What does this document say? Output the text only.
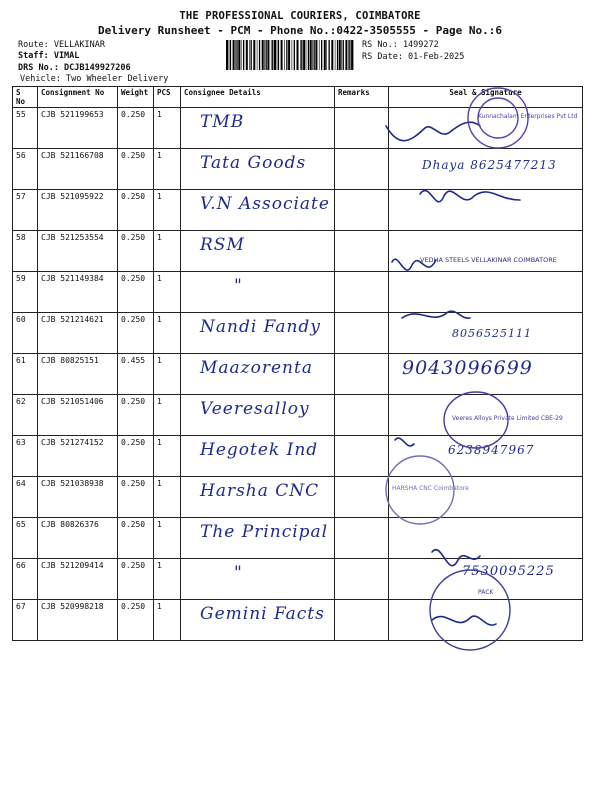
THE PROFESSIONAL COURIERS, COIMBATORE
Delivery Runsheet - PCM - Phone No.:0422-3505555 - Page No.:6
Route: VELLAKINAR
Staff: VIMAL
DRS No.: DCJB149927206
Vehicle: Two Wheeler Delivery
RS No.: 1499272
RS Date: 01-Feb-2025
S No	Consignment No	Weight	PCS	Consignee Details	Remarks	Seal & Signature
55	CJB 521199653	0.250	1	TMB		

56	CJB 521166708	0.250	1	Tata Goods		Dhaya 8625477213

57	CJB 521095922	0.250	1	V.N Associate		

58	CJB 521253554	0.250	1	RSM		

59	CJB 521149384	0.250	1	"		

60	CJB 521214621	0.250	1	Nandi Fandy		8056525111

61	CJB 80825151	0.455	1	Maazorenta		9043096699

62	CJB 521051406	0.250	1	Veeresalloy		

63	CJB 521274152	0.250	1	Hegotek Ind		6238947967

64	CJB 521038938	0.250	1	Harsha CNC		

65	CJB 80826376	0.250	1	The Principal		

66	CJB 521209414	0.250	1	"		7530095225

67	CJB 520998218	0.250	1	Gemini Facts		

Kunnachalam Enterprises Pvt Ltd
VEDHA STEELS VELLAKINAR COIMBATORE
Veeres Alloys Private Limited CBE-29
HARSHA CNC Coimbatore
PACK
